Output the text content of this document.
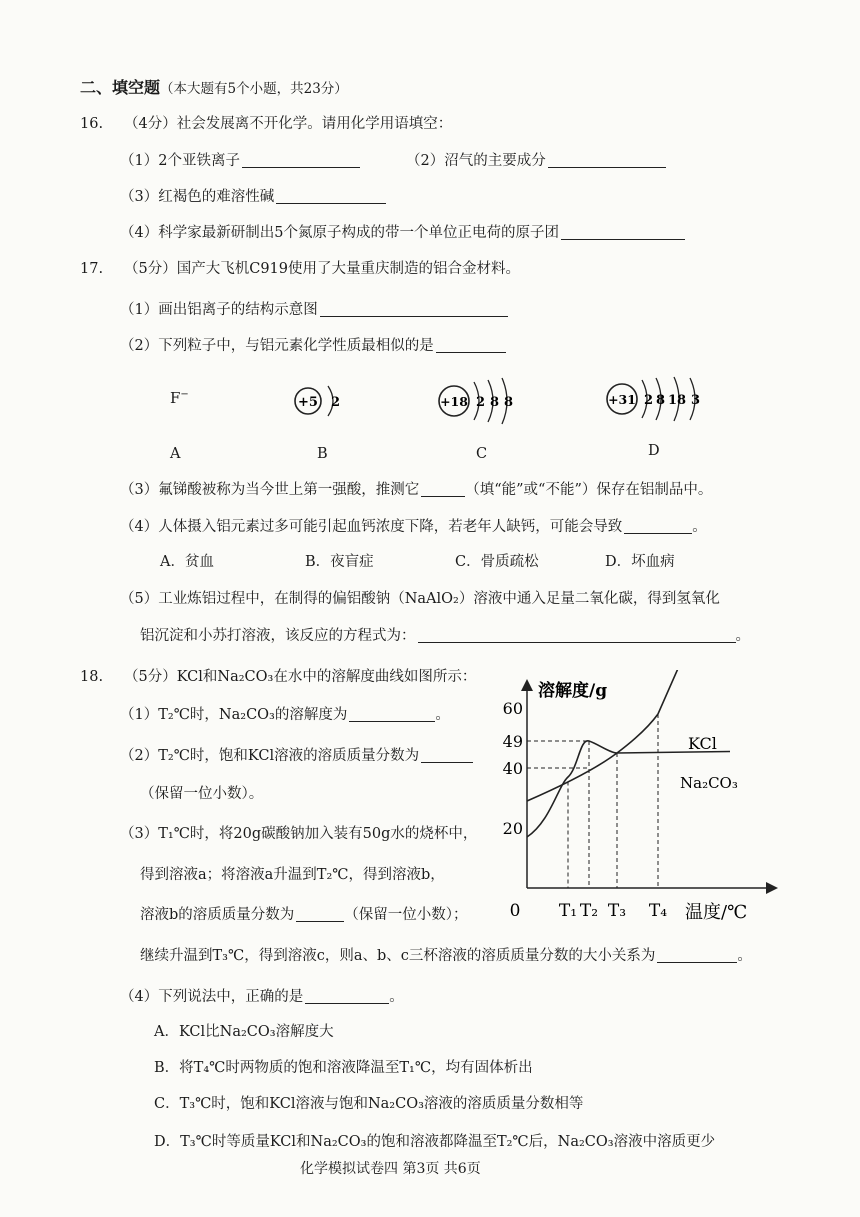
二、填空题（本大题有5个小题，共23分）
16. （4分）社会发展离不开化学。请用化学用语填空：
（1）2个亚铁离子	（2）沼气的主要成分
（3）红褐色的难溶性碱
（4）科学家最新研制出5个氮原子构成的带一个单位正电荷的原子团
17. （5分）国产大飞机C919使用了大量重庆制造的铝合金材料。
（1）画出铝离子的结构示意图
（2）下列粒子中，与铝元素化学性质最相似的是
F−
A
+5 2
B
+18 2 8 8
C
+31 2 8 18 3
D
（3）氟锑酸被称为当今世上第一强酸，推测它	（填“能”或“不能”）保存在铝制品中。
（4）人体摄入铝元素过多可能引起血钙浓度下降，若老年人缺钙，可能会导致	。
A．贫血	B．夜盲症	C．骨质疏松	D．坏血病
（5）工业炼铝过程中，在制得的偏铝酸钠（NaAlO₂）溶液中通入足量二氧化碳，得到氢氧化
铝沉淀和小苏打溶液，该反应的方程式为：	。
18. （5分）KCl和Na₂CO₃在水中的溶解度曲线如图所示：
（1）T₂℃时，Na₂CO₃的溶解度为	。
（2）T₂℃时，饱和KCl溶液的溶质质量分数为
（保留一位小数）。
（3）T₁℃时，将20g碳酸钠加入装有50g水的烧杯中，
得到溶液a；将溶液a升温到T₂℃，得到溶液b，
溶液b的溶质质量分数为	（保留一位小数）；
继续升温到T₃℃，得到溶液c，则a、b、c三杯溶液的溶质质量分数的大小关系为	。
（4）下列说法中，正确的是	。
A．KCl比Na₂CO₃溶解度大
B．将T₄℃时两物质的饱和溶液降温至T₁℃，均有固体析出
C．T₃℃时，饱和KCl溶液与饱和Na₂CO₃溶液的溶质质量分数相等
D．T₃℃时等质量KCl和Na₂CO₃的饱和溶液都降温至T₂℃后，Na₂CO₃溶液中溶质更少
化学模拟试卷四 第3页 共6页
20
40
49
60
0 T₁ T₂ T₃ T₄
溶解度/g
温度/℃
KCl
Na₂CO₃
